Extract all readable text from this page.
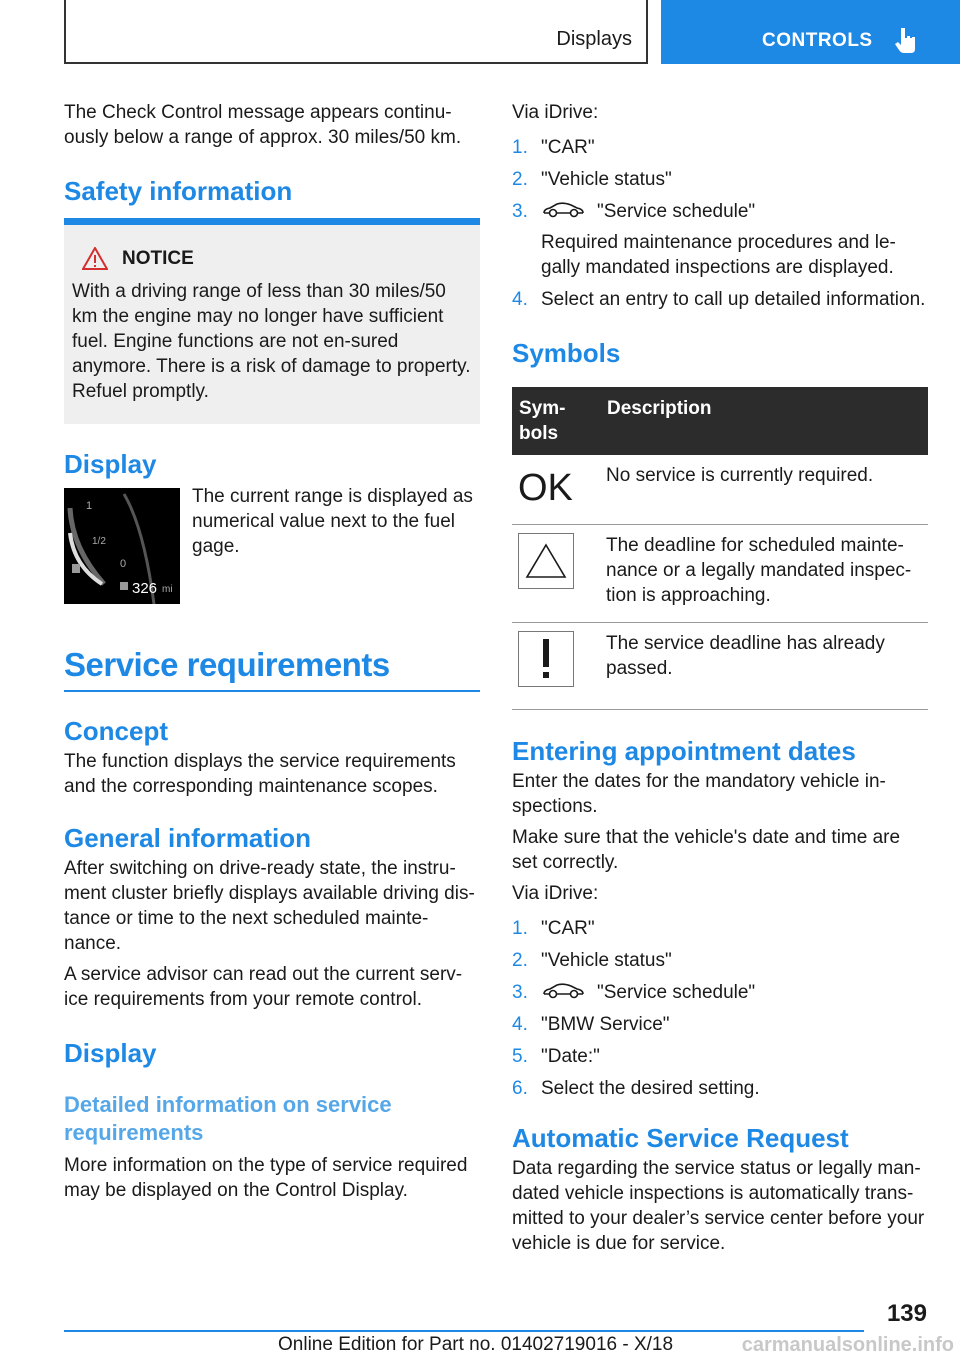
Displays	CONTROLS

The Check Control message appears continu-ously below a range of approx. 30 miles/50 km.

Safety information
NOTICE

With a driving range of less than 30 miles/50 km the engine may no longer have sufficient fuel. Engine functions are not en-sured anymore. There is a risk of damage to property. Refuel promptly.

Display
1
1/2
0
326 mi

The current range is displayed as numerical value next to the fuel gage.

Service requirements
Concept

The function displays the service requirements and the corresponding maintenance scopes.

General information

After switching on drive-ready state, the instru-ment cluster briefly displays available driving dis-tance or time to the next scheduled mainte-nance.

A service advisor can read out the current serv-ice requirements from your remote control.

Display
Detailed information on service requirements

More information on the type of service required may be displayed on the Control Display.

Via iDrive:

1. "CAR"
2. "Vehicle status"
3.	"Service schedule"
Required maintenance procedures and le-gally mandated inspections are displayed.
4. Select an entry to call up detailed information.
Symbols
Sym-bols	Description
OK	No service is currently required.

	The deadline for scheduled mainte-nance or a legally mandated inspec-tion is approaching.

	The service deadline has already passed.
Entering appointment dates

Enter the dates for the mandatory vehicle in-spections.

Make sure that the vehicle's date and time are set correctly.

Via iDrive:

1. "CAR"
2. "Vehicle status"
3.	"Service schedule"
4. "BMW Service"
5. "Date:"
6. Select the desired setting.
Automatic Service Request

Data regarding the service status or legally man-dated vehicle inspections is automatically trans-mitted to your dealer’s service center before your vehicle is due for service.

139
Online Edition for Part no. 01402719016 - X/18	carmanualsonline.info
